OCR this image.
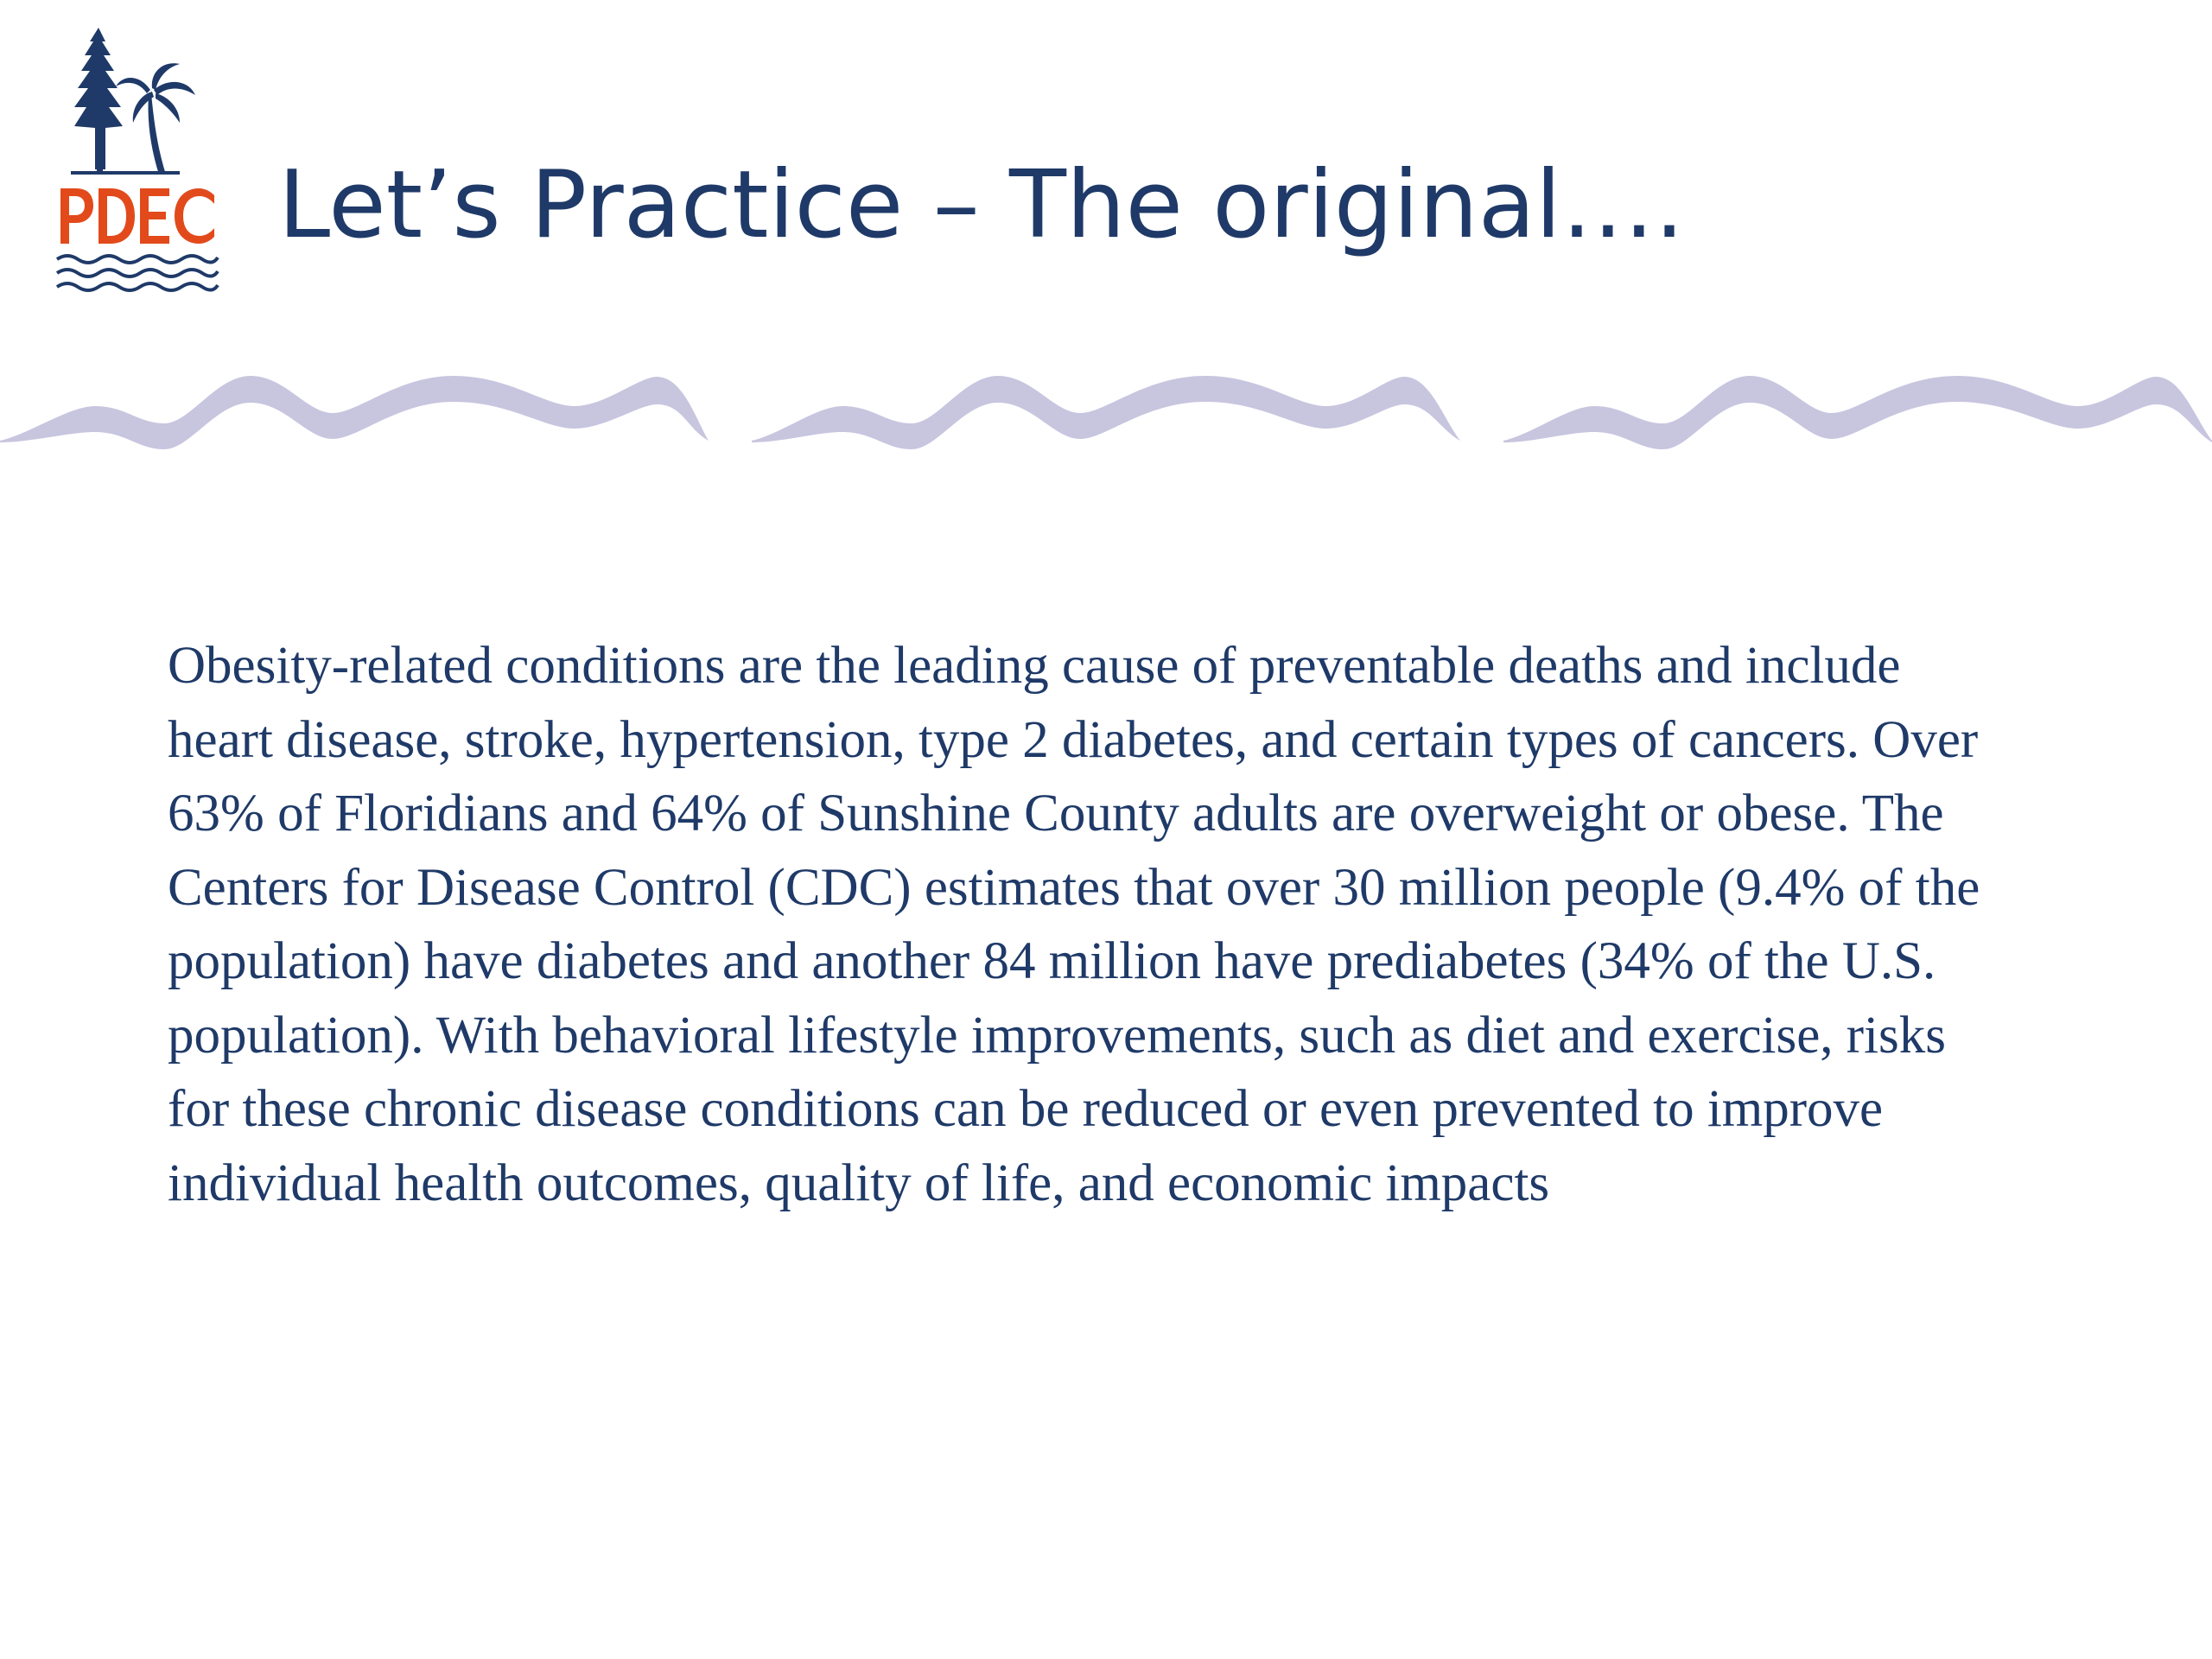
Let’s Practice – The original….

Obesity-related conditions are the leading cause of preventable deaths and include heart disease, stroke, hypertension, type 2 diabetes, and certain types of cancers. Over 63% of Floridians and 64% of Sunshine County adults are overweight or obese. The Centers for Disease Control (CDC) estimates that over 30 million people (9.4% of the population) have diabetes and another 84 million have prediabetes (34% of the U.S. population). With behavioral lifestyle improvements, such as diet and exercise, risks for these chronic disease conditions can be reduced or even prevented to improve individual health outcomes, quality of life, and economic impacts
